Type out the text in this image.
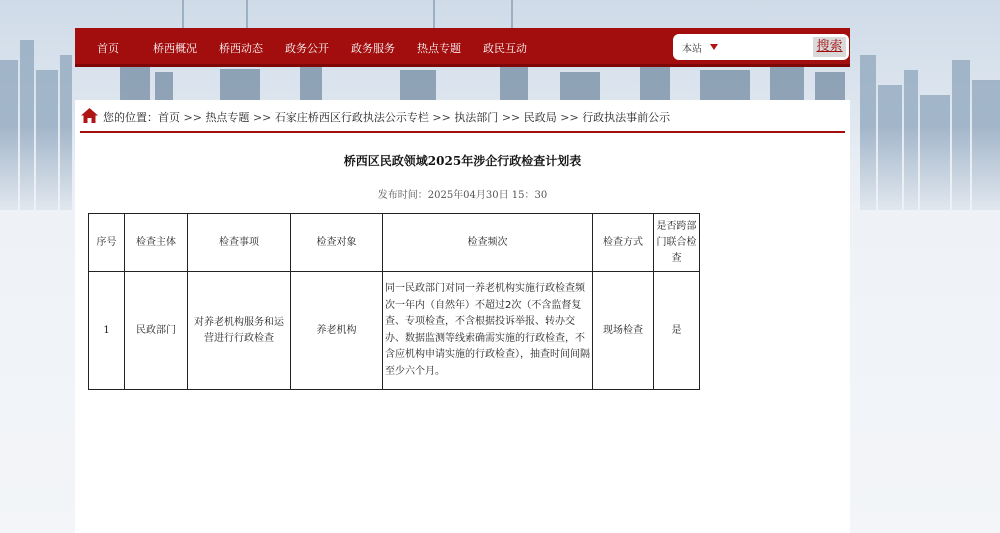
首页	桥西概况 桥西动态 政务公开 政务服务 热点专题 政民互动	本站	搜索
您的位置：首页 >> 热点专题 >> 石家庄桥西区行政执法公示专栏 >> 执法部门 >> 民政局 >> 行政执法事前公示
桥西区民政领域2025年涉企行政检查计划表
发布时间：2025年04月30日 15：30
序号	检查主体	检查事项	检查对象	检查频次	检查方式	是否跨部门联合检查
1	民政部门	对养老机构服务和运营进行行政检查	养老机构	同一民政部门对同一养老机构实施行政检查频次一年内（自然年）不超过2次（不含监督复查、专项检查，不含根据投诉举报、转办交办、数据监测等线索确需实施的行政检查，不含应机构申请实施的行政检查），抽查时间间隔至少六个月。	现场检查	是
